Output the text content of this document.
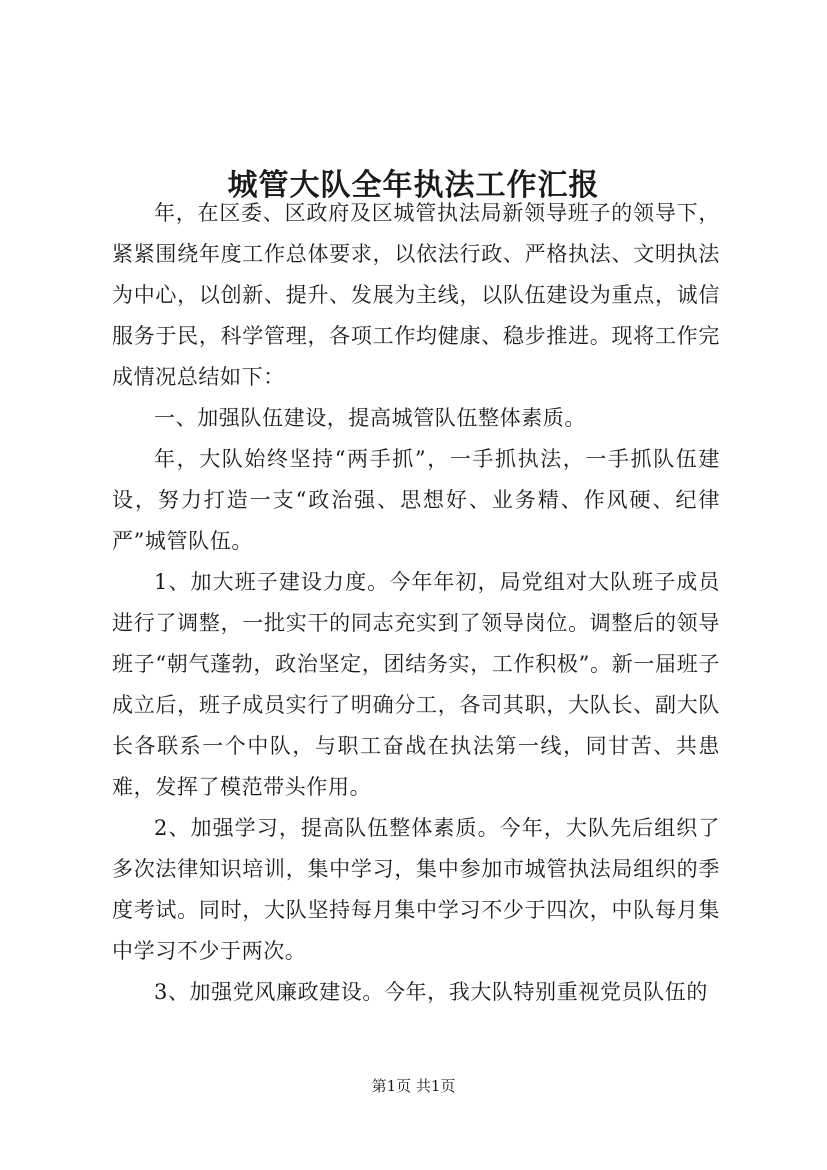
城管大队全年执法工作汇报

年，在区委、区政府及区城管执法局新领导班子的领导下，紧紧围绕年度工作总体要求，以依法行政、严格执法、文明执法为中心，以创新、提升、发展为主线，以队伍建设为重点，诚信服务于民，科学管理，各项工作均健康、稳步推进。现将工作完成情况总结如下：

一、加强队伍建设，提高城管队伍整体素质。

年，大队始终坚持“两手抓”，一手抓执法，一手抓队伍建设，努力打造一支“政治强、思想好、业务精、作风硬、纪律严”城管队伍。

1、加大班子建设力度。今年年初，局党组对大队班子成员进行了调整，一批实干的同志充实到了领导岗位。调整后的领导班子“朝气蓬勃，政治坚定，团结务实，工作积极”。新一届班子成立后，班子成员实行了明确分工，各司其职，大队长、副大队长各联系一个中队，与职工奋战在执法第一线，同甘苦、共患难，发挥了模范带头作用。

2、加强学习，提高队伍整体素质。今年，大队先后组织了多次法律知识培训，集中学习，集中参加市城管执法局组织的季度考试。同时，大队坚持每月集中学习不少于四次，中队每月集中学习不少于两次。

3、加强党风廉政建设。今年，我大队特别重视党员队伍的

第1页 共1页
